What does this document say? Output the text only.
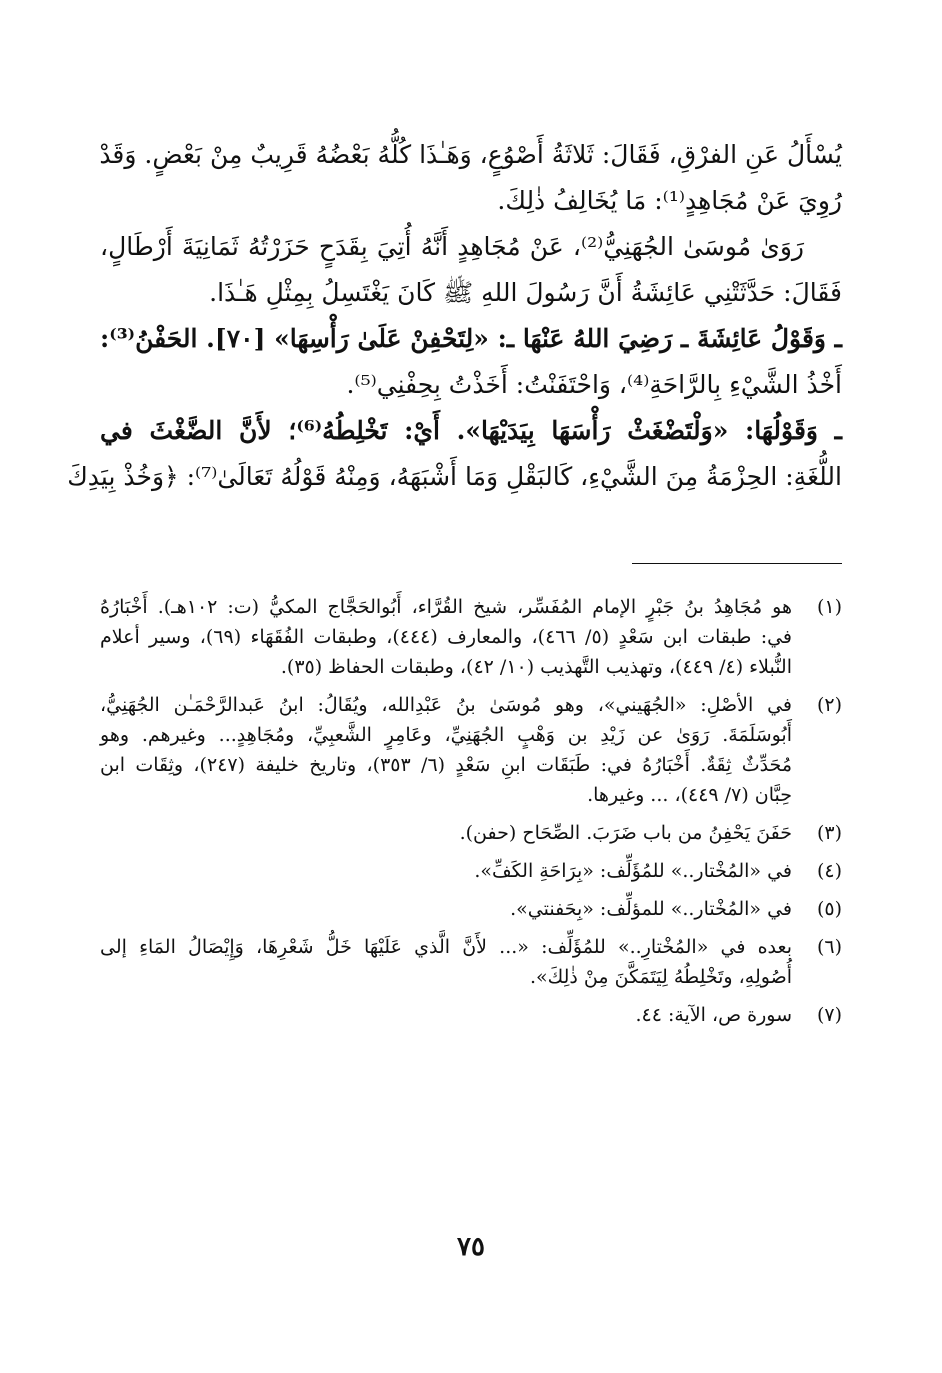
يُسْأَلُ عَنِ الفرْقِ، فَقَالَ: ثَلاثَةُ أَصْوُعٍ، وَهَـٰذَا كُلُّهُ بَعْضُهُ قَرِيبٌ مِنْ بَعْضٍ. وَقَدْ
رُوِيَ عَنْ مُجَاهِدٍ⁽¹⁾: مَا يُخَالِفُ ذٰلِكَ.
رَوَىٰ مُوسَىٰ الجُهَنِيُّ⁽²⁾، عَنْ مُجَاهِدٍ أَنَّهُ أُتِيَ بِقَدَحٍ حَزَرْتُهُ ثَمَانِيَةَ أَرْطَالٍ،
فَقَالَ: حَدَّثَتْنِي عَائِشَةُ أَنَّ رَسُولَ اللهِ ﷺ كَانَ يَغْتَسِلُ بِمِثْلِ هَـٰذَا.
ـ وَقَوْلُ عَائِشَةَ ـ رَضِيَ اللهُ عَنْهَا ـ: «لِتَحْفِنْ عَلَىٰ رَأْسِهَا» [٧٠]. الحَفْنُ⁽³⁾:
أَخْذُ الشَّيْءِ بِالرَّاحَةِ⁽⁴⁾، وَاحْتَفَنْتُ: أَخَذْتُ بِحِفْنِي⁽⁵⁾.
ـ وَقَوْلُهَا: «وَلْتَضْغَثْ رَأْسَهَا بِيَدَيْهَا». أَيْ: تَخْلِطُهُ⁽⁶⁾؛ لأَنَّ الضَّغْثَ في
اللُّغَةِ: الحِزْمَةُ مِنَ الشَّيْءِ، كَالبَقْلِ وَمَا أَشْبَهَهُ، وَمِنْهُ قَوْلُهُ تَعَالَىٰ⁽⁷⁾: ﴿وَخُذْ بِيَدِكَ
(١)
هو مُجَاهِدُ بنُ جَبْرٍ الإمام المُفَسِّر، شيخ القُرَّاء، أَبُوالحَجَّاج المكيُّ (ت: ١٠٢هـ). أَخْبَارُهُ
في: طبقات ابن سَعْدٍ (٥/ ٤٦٦)، والمعارف (٤٤٤)، وطبقات الفُقَهَاء (٦٩)، وسير أعلام
النُّبلاء (٤/ ٤٤٩)، وتهذيب التَّهذيب (١٠/ ٤٢)، وطبقات الحفاظ (٣٥).
(٢)
في الأصْلِ: «الجُهَيني»، وهو مُوسَىٰ بنُ عَبْدِالله، ويُقَالُ: ابنُ عَبدالرَّحْمَـٰن الجُهَنِيُّ،
أَبُوسَلَمَةَ. رَوَىٰ عن زَيْدِ بن وَهْبٍ الجُهَنِيِّ، وعَامِرٍ الشَّعبِيِّ، ومُجَاهِدٍ... وغيرهم. وهو
مُحَدِّثٌ ثِقَةٌ. أَخْبَارُهُ في: طَبَقَات ابنِ سَعْدٍ (٦/ ٣٥٣)، وتاريخ خليفة (٢٤٧)، وثِقَات ابن
حِبَّان (٧/ ٤٤٩)، ... وغيرها.
(٣)
حَفَنَ يَحْفِنُ من باب ضَرَبَ. الصِّحَاح (حفن).
(٤)
في «المُخْتار..» للمُؤَلِّف: «بِرَاحَةِ الكَفِّ».
(٥)
في «المُخْتار..» للمؤلِّف: «بِحَفنتي».
(٦)
بعده في «المُخْتارِ..» للمُؤَلِّف: «... لأَنَّ الَّذي عَلَيْهَا خَلُّ شَعْرِهَا، وَإِيْصَالُ المَاءِ إلى
أُصُولِهِ، وتَخْلِطُهُ لِيَتَمَكَّنَ مِنْ ذٰلِكَ».
(٧)
سورة ص، الآية: ٤٤.
٧٥
